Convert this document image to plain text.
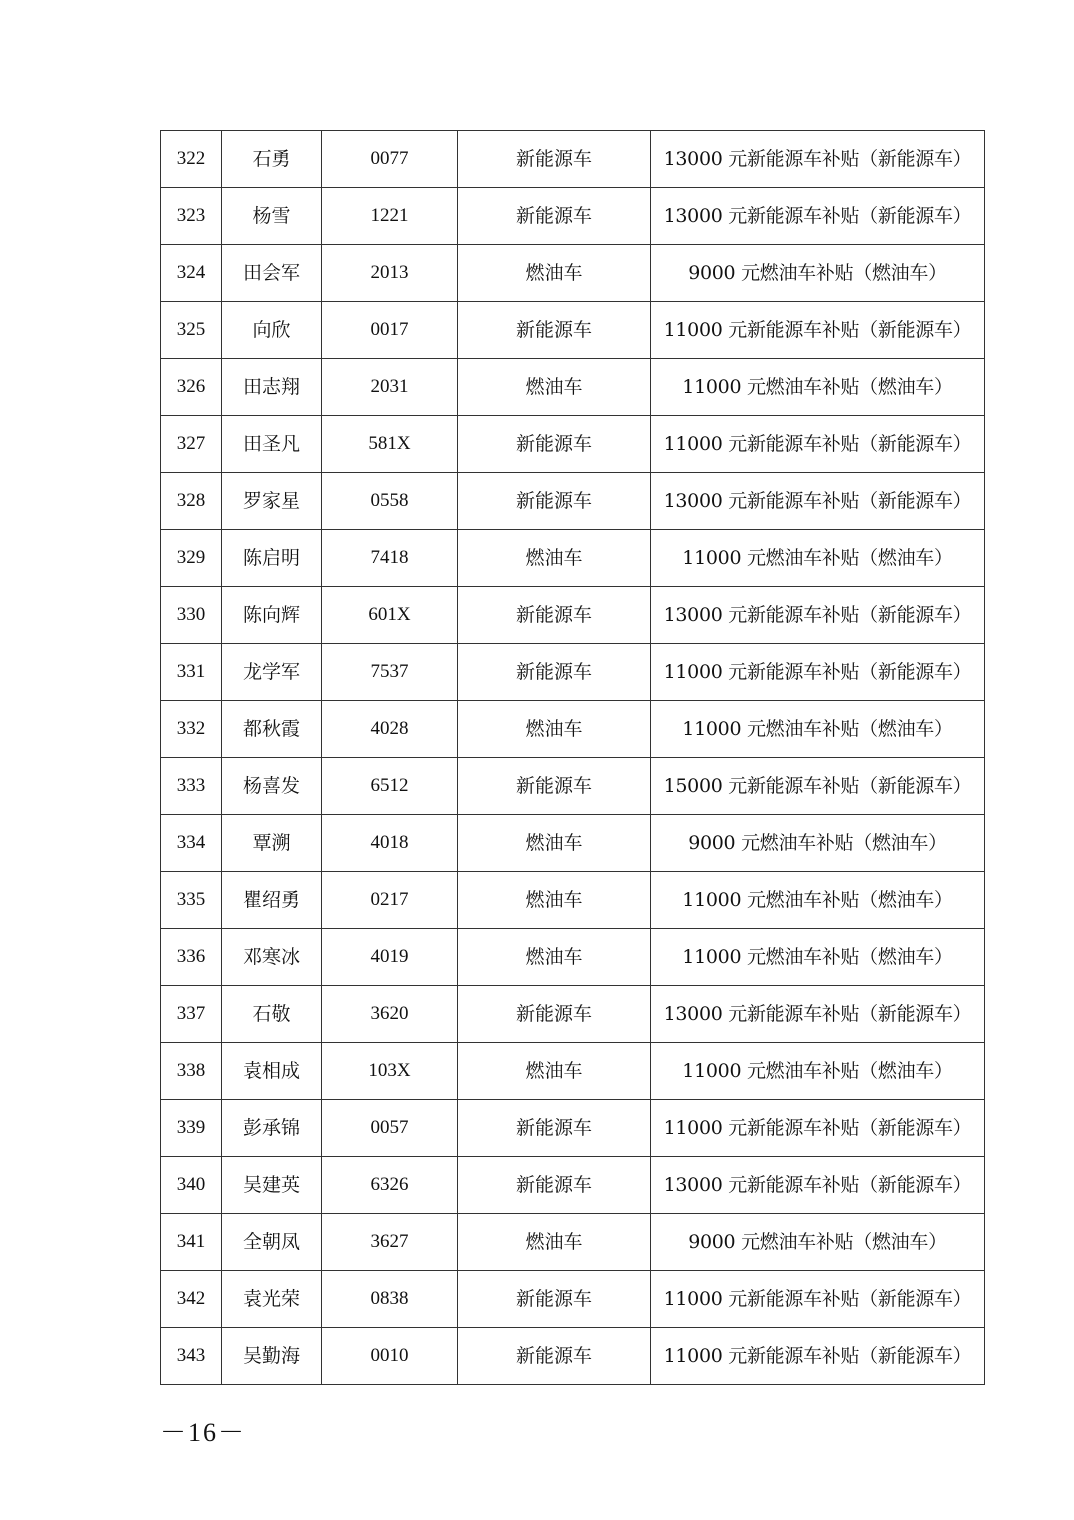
322	石勇	0077	新能源车	13000 元新能源车补贴（新能源车）
323	杨雪	1221	新能源车	13000 元新能源车补贴（新能源车）
324	田会军	2013	燃油车	9000 元燃油车补贴（燃油车）
325	向欣	0017	新能源车	11000 元新能源车补贴（新能源车）
326	田志翔	2031	燃油车	11000 元燃油车补贴（燃油车）
327	田圣凡	581X	新能源车	11000 元新能源车补贴（新能源车）
328	罗家星	0558	新能源车	13000 元新能源车补贴（新能源车）
329	陈启明	7418	燃油车	11000 元燃油车补贴（燃油车）
330	陈向辉	601X	新能源车	13000 元新能源车补贴（新能源车）
331	龙学军	7537	新能源车	11000 元新能源车补贴（新能源车）
332	都秋霞	4028	燃油车	11000 元燃油车补贴（燃油车）
333	杨喜发	6512	新能源车	15000 元新能源车补贴（新能源车）
334	覃溯	4018	燃油车	9000 元燃油车补贴（燃油车）
335	瞿绍勇	0217	燃油车	11000 元燃油车补贴（燃油车）
336	邓寒冰	4019	燃油车	11000 元燃油车补贴（燃油车）
337	石敬	3620	新能源车	13000 元新能源车补贴（新能源车）
338	袁相成	103X	燃油车	11000 元燃油车补贴（燃油车）
339	彭承锦	0057	新能源车	11000 元新能源车补贴（新能源车）
340	吴建英	6326	新能源车	13000 元新能源车补贴（新能源车）
341	全朝凤	3627	燃油车	9000 元燃油车补贴（燃油车）
342	袁光荣	0838	新能源车	11000 元新能源车补贴（新能源车）
343	吴勤海	0010	新能源车	11000 元新能源车补贴（新能源车）
－16－
